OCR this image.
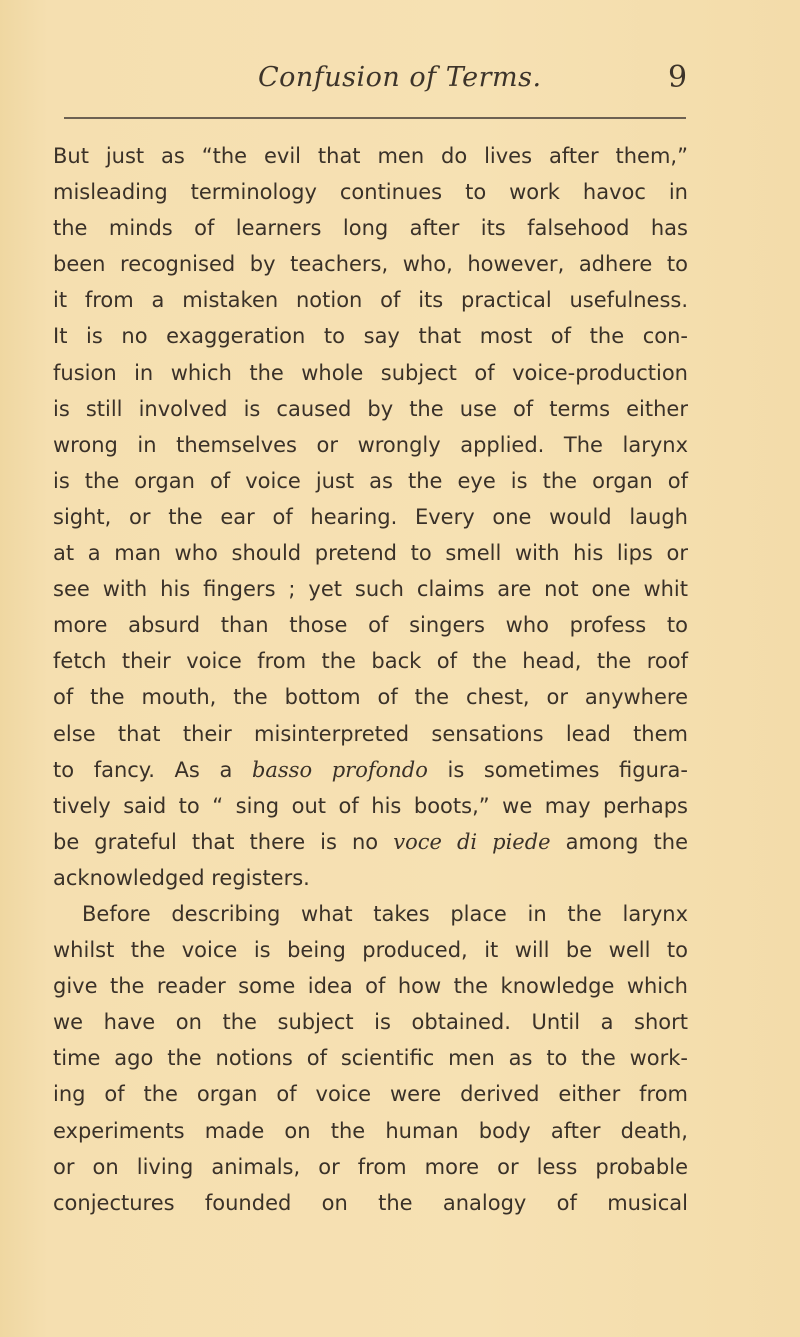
Confusion of Terms.	9
But just as “the evil that men do lives after them,”
misleading terminology continues to work havoc in
the minds of learners long after its falsehood has
been recognised by teachers, who, however, adhere to
it from a mistaken notion of its practical usefulness.
It is no exaggeration to say that most of the con-
fusion in which the whole subject of voice-production
is still involved is caused by the use of terms either
wrong in themselves or wrongly applied. The larynx
is the organ of voice just as the eye is the organ of
sight, or the ear of hearing. Every one would laugh
at a man who should pretend to smell with his lips or
see with his fingers ; yet such claims are not one whit
more absurd than those of singers who profess to
fetch their voice from the back of the head, the roof
of the mouth, the bottom of the chest, or anywhere
else that their misinterpreted sensations lead them
to fancy. As a basso profondo is sometimes figura-
tively said to “ sing out of his boots,” we may perhaps
be grateful that there is no voce di piede among the
acknowledged registers.
Before describing what takes place in the larynx
whilst the voice is being produced, it will be well to
give the reader some idea of how the knowledge which
we have on the subject is obtained. Until a short
time ago the notions of scientific men as to the work-
ing of the organ of voice were derived either from
experiments made on the human body after death,
or on living animals, or from more or less probable
conjectures founded on the analogy of musical
